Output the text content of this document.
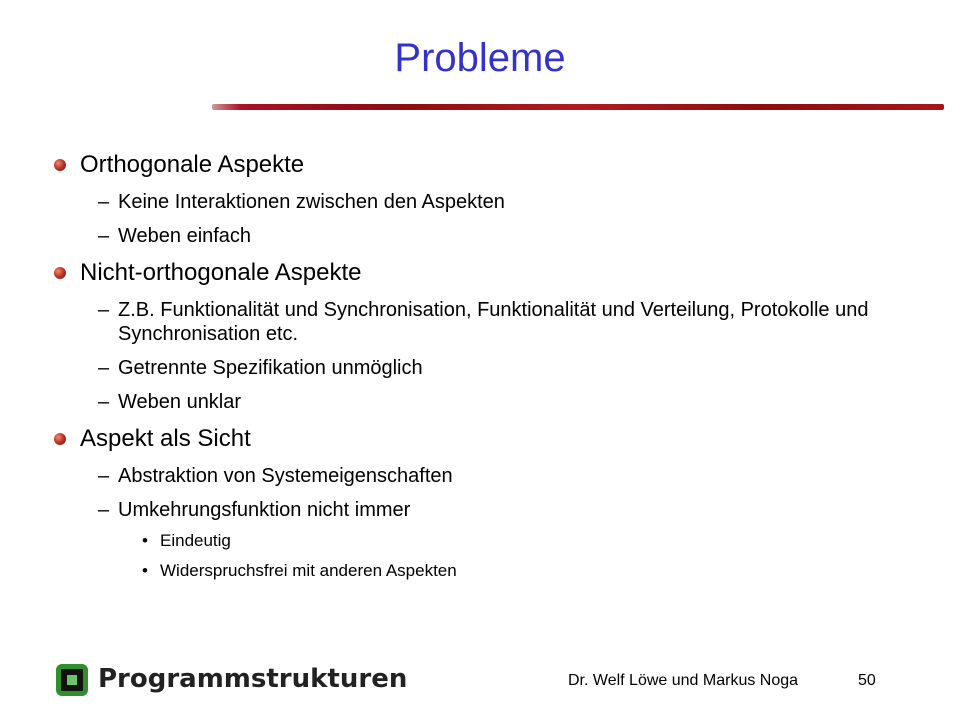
Probleme
Orthogonale Aspekte
– Keine Interaktionen zwischen den Aspekten
– Weben einfach
Nicht-orthogonale Aspekte
– Z.B. Funktionalität und Synchronisation, Funktionalität und Verteilung, Protokolle und Synchronisation etc.
– Getrennte Spezifikation unmöglich
– Weben unklar
Aspekt als Sicht
– Abstraktion von Systemeigenschaften
– Umkehrungsfunktion nicht immer
• Eindeutig
• Widerspruchsfrei mit anderen Aspekten
Programmstrukturen	Dr. Welf Löwe und Markus Noga	50
